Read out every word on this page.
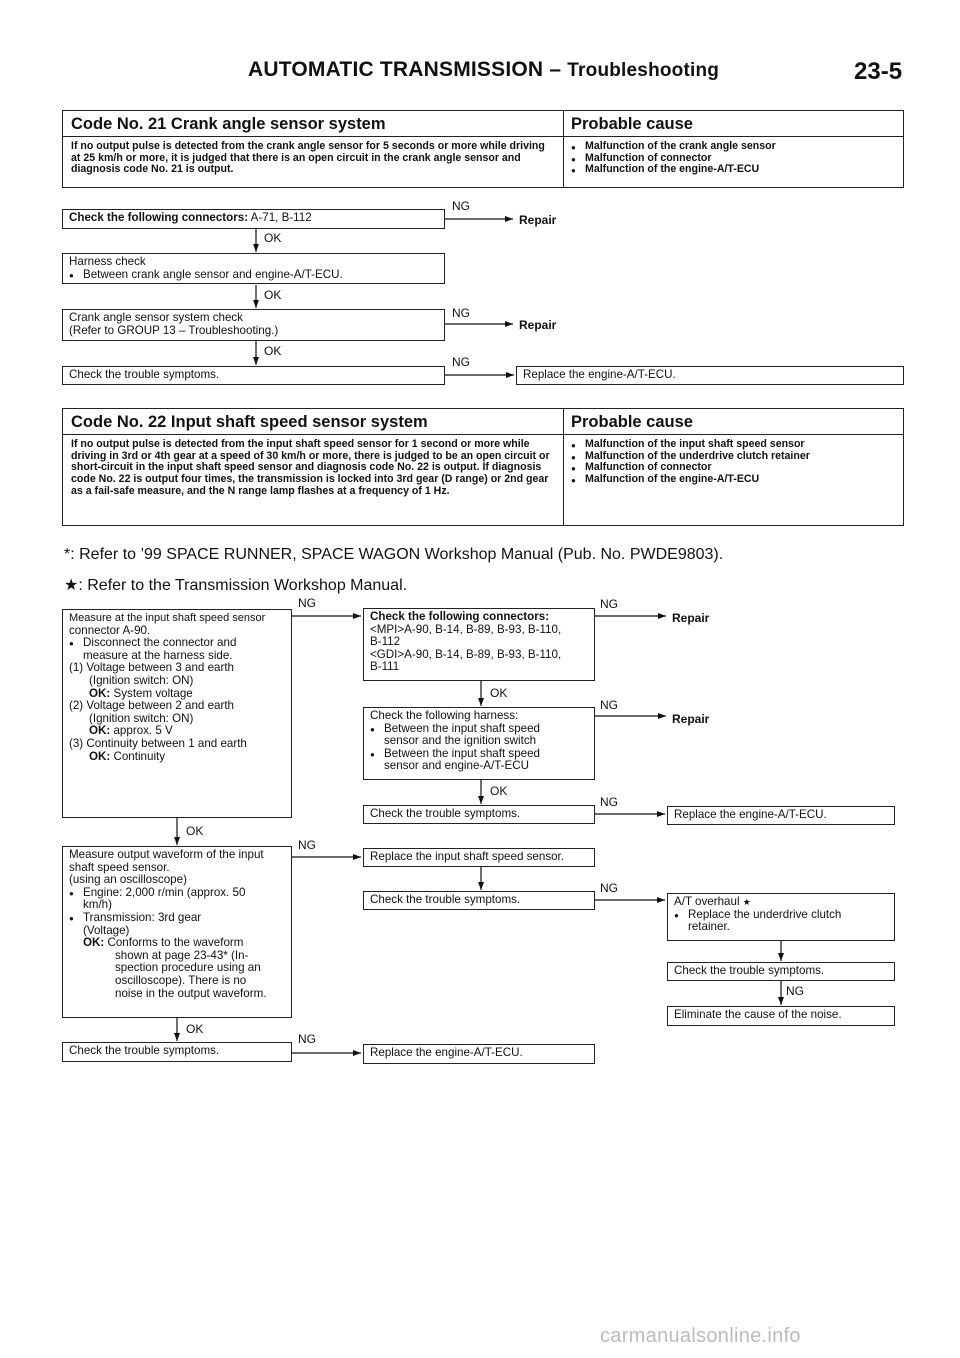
AUTOMATIC TRANSMISSION – Troubleshooting	23-5
Code No. 21 Crank angle sensor system	Probable cause
If no output pulse is detected from the crank angle sensor for 5 seconds or more while driving at 25 km/h or more, it is judged that there is an open circuit in the crank angle sensor and diagnosis code No. 21 is output.
● Malfunction of the crank angle sensor
● Malfunction of connector
● Malfunction of the engine-A/T-ECU
Check the following connectors: A-71, B-112
Harness check
● Between crank angle sensor and engine-A/T-ECU.
Crank angle sensor system check
(Refer to GROUP 13 – Troubleshooting.)
Check the trouble symptoms.
Repair
Repair
Replace the engine-A/T-ECU.
NG
NG
NG
OK
OK
OK
Code No. 22 Input shaft speed sensor system	Probable cause
If no output pulse is detected from the input shaft speed sensor for 1 second or more while driving in 3rd or 4th gear at a speed of 30 km/h or more, there is judged to be an open circuit or short-circuit in the input shaft speed sensor and diagnosis code No. 22 is output. If diagnosis code No. 22 is output four times, the transmission is locked into 3rd gear (D range) or 2nd gear as a fail-safe measure, and the N range lamp flashes at a frequency of 1 Hz.
● Malfunction of the input shaft speed sensor
● Malfunction of the underdrive clutch retainer
● Malfunction of connector
● Malfunction of the engine-A/T-ECU
*: Refer to ’99 SPACE RUNNER, SPACE WAGON Workshop Manual (Pub. No. PWDE9803).
★: Refer to the Transmission Workshop Manual.
Measure at the input shaft speed sensor
connector A-90.
● Disconnect the connector and
measure at the harness side.
(1) Voltage between 3 and earth
(Ignition switch: ON)
OK: System voltage
(2) Voltage between 2 and earth
(Ignition switch: ON)
OK: approx. 5 V
(3) Continuity between 1 and earth
OK: Continuity
Check the following connectors:
<MPI>A-90, B-14, B-89, B-93, B-110,
B-112
<GDI>A-90, B-14, B-89, B-93, B-110,
B-111
Repair
Check the following harness:
● Between the input shaft speed
sensor and the ignition switch
● Between the input shaft speed
sensor and engine-A/T-ECU
Repair
Check the trouble symptoms.	Replace the engine-A/T-ECU.
Measure output waveform of the input
shaft speed sensor.
(using an oscilloscope)
● Engine: 2,000 r/min (approx. 50
km/h)
● Transmission: 3rd gear
(Voltage)
OK: Conforms to the waveform
shown at page 23-43* (In-
spection procedure using an
oscilloscope). There is no
noise in the output waveform.
Replace the input shaft speed sensor.
Check the trouble symptoms.	A/T overhaul ★
● Replace the underdrive clutch
retainer.
Check the trouble symptoms.
Eliminate the cause of the noise.
Check the trouble symptoms.	Replace the engine-A/T-ECU.
NG	NG
NG
NG
NG
NG
NG
NG
OK
OK
OK
OK
carmanualsonline.info
